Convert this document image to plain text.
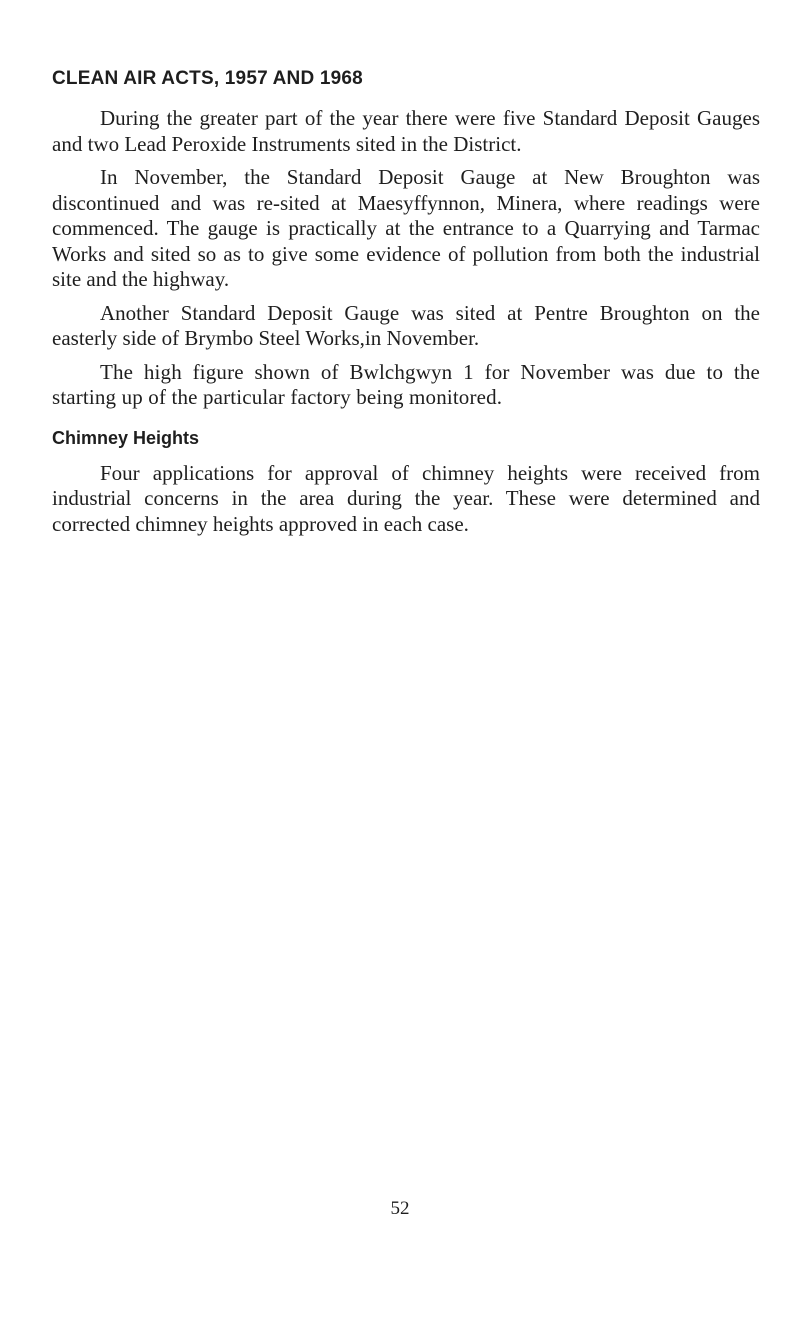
CLEAN AIR ACTS, 1957 AND 1968

During the greater part of the year there were five Standard Deposit Gauges and two Lead Peroxide Instruments sited in the District.

In November, the Standard Deposit Gauge at New Broughton was discontinued and was re-sited at Maesyffynnon, Minera, where readings were commenced. The gauge is practically at the entrance to a Quarrying and Tarmac Works and sited so as to give some evidence of pollution from both the industrial site and the highway.

Another Standard Deposit Gauge was sited at Pentre Broughton on the easterly side of Brymbo Steel Works,in November.

The high figure shown of Bwlchgwyn 1 for November was due to the starting up of the particular factory being monitored.

Chimney Heights

Four applications for approval of chimney heights were received from industrial concerns in the area during the year. These were determined and corrected chimney heights approved in each case.

52
